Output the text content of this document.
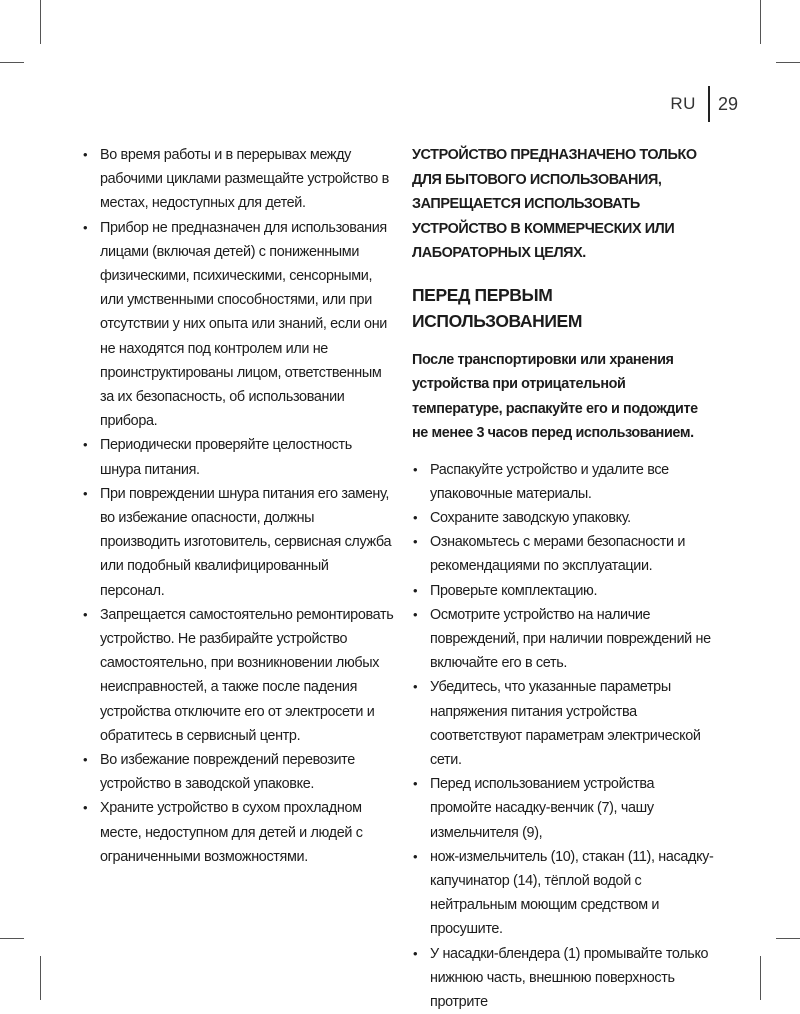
RU	29
• Во время работы и в перерывах между рабочими циклами размещайте устройство в местах, недоступных для детей.
• Прибор не предназначен для использования лицами (включая детей) с пониженными физическими, психическими, сенсорными, или умственными способностями, или при отсутствии у них опыта или знаний, если они не находятся под контролем или не проинструктированы лицом, ответственным за их безопасность, об использовании прибора.
• Периодически проверяйте целостность шнура питания.
• При повреждении шнура питания его замену, во избежание опасности, должны производить изготовитель, сервисная служба или подобный квалифицированный персонал.
• Запрещается самостоятельно ремонтировать устройство. Не разбирайте устройство самостоятельно, при возникновении любых неисправностей, а также после падения устройства отключите его от электросети и обратитесь в сервисный центр.
• Во избежание повреждений перевозите устройство в заводской упаковке.
• Храните устройство в сухом прохладном месте, недоступном для детей и людей с ограниченными возможностями.

УСТРОЙСТВО ПРЕДНАЗНАЧЕНО ТОЛЬКО ДЛЯ БЫТОВОГО ИСПОЛЬЗОВАНИЯ, ЗАПРЕЩАЕТСЯ ИСПОЛЬЗОВАТЬ УСТРОЙСТВО В КОММЕРЧЕСКИХ ИЛИ ЛАБОРАТОРНЫХ ЦЕЛЯХ.

ПЕРЕД ПЕРВЫМ ИСПОЛЬЗОВАНИЕМ

После транспортировки или хранения устройства при отрицательной температуре, распакуйте его и подождите не менее 3 часов перед использованием.

• Распакуйте устройство и удалите все упаковочные материалы.
• Сохраните заводскую упаковку.
• Ознакомьтесь с мерами безопасности и рекомендациями по эксплуатации.
• Проверьте комплектацию.
• Осмотрите устройство на наличие повреждений, при наличии повреждений не включайте его в сеть.
• Убедитесь, что указанные параметры напряжения питания устройства соответствуют параметрам электрической сети.
• Перед использованием устройства промойте насадку-венчик (7), чашу измельчителя (9),
• нож-измельчитель (10), стакан (11), насадку-капучинатор (14), тёплой водой с нейтральным моющим средством и просушите.
• У насадки-блендера (1) промывайте только нижнюю часть, внешнюю поверхность протрите
